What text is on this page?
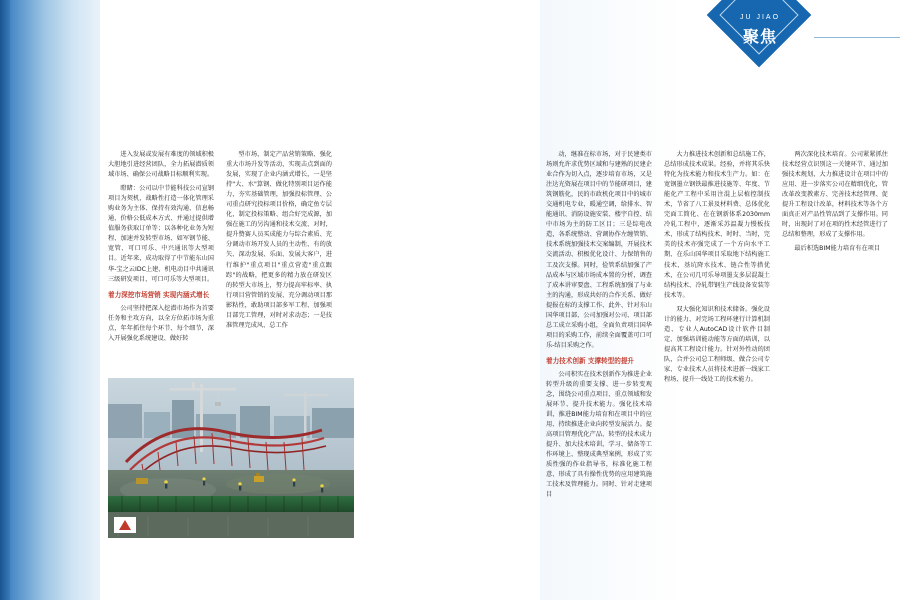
JU JIAO
聚焦

进入发展或发展有难度的领域积极大胆地引进经营团队，全力拓展潜质领域市场、确保公司战略目标顺利实现。

瞪睹：公司以中节能科技公司宣钢项目为契机，战略性打造一体化管理采购业务为主体、保持有效沟通、信息畅通、价格公低成本方式、并通过提供增值服务获取订单等；以各种化业务为短程、加速并发转型市场、如军钢节能、宽管、可口可乐、中兴通讯等大型项目。近年来，成功取得了中节能东山国华-宝之云IDC上建、机电动目中共通讯三级研发项目、可口可乐等大型项目。

着力深挖市场营销 实现内涵式增长

公司坚持把深入挖潜市场作为首要任务和主攻方向，以全方位拓市场为重点，年年抓住每个环节、每个细节，深入开展强化系统建设、做好转

型市场、制定产品营销策略、强化重大市场升发等活动，实现击点到面的发展，实现了企业内涵式增长，一是坚持"大、水"算钢、做化特别项目运作能力，夯实基础管理，加强投标管理、公司重点研究投标项目价格，确定鱼专层化，制定投标策略、组合好完成源，加强在施工的另沟通和技术交流、对时，提升赞赛人员买成能力与综合素质、充分调动市场开发人员的主动性、有的放矢、深动发展、乐面、发展大客户，进行维护"重点项目"重点营造"重点跟踪"的战略，把更多的精力放在研发区的转型大市场上，努力提高牢标率、执行项目营管销的发展、充分调动项目那影粘性，敢助项目部多军工程、加强项目部完工管理，对时对求动态；一是技准管理完成风、总工作

动，继准在标市场，对于民建类市场则允许求优势区域和与建熟的民建企业合作为切入点，逐步培育市场，又是注达光资展在项目中的节能研项目，建筑钢筋化，民的市政机化项目中的城市交通机电专业，暖通空调，给排水、智能通讯、消防设施安装、楼宇自控、结中市场为主的防工区目；三是综电改造，各系统整动、营调协作左缠管销、技术系统加强技术交案编制，开展技术交流活动、积极优化设计、力保销售的工及次支撑。同时，俭管系结加强了产品成本与区域市场成本置的分析，调查了成本讲审要盘、工程系统加强了与业主的沟通，形成共好的合作关系、做好提报在标的支撑工作、此外、针对东山国华项目部、公司加强对公司、项目部总工成立采购小组，全面负责项目国华项目的采购工作，前续全面覆盖可口可乐-结目采购之作。

着力技术创新 支撑转型的提升

公司积实在技术创新作为推进企业转型升级的重要支撑、进一步转变观念，围绕公司重点项目、重点领域和发展环节、提升技术能力。强化技术培训，推进BIM能力培育和在项目中的应用、持续推进企业向转型发展活力。提高项目管理优化产品、转型的技术成力提升、加大技术培训，学习、储备等工作环境上、整现成典型案例，形成了实质性强的作业指导书，标准化施工程意、形成了具有操性优势的应用建筑施工技术及管理能力。同时、针对走建项目

大力推进技术创新和总结施工作，总结形成技术成果。经验，并将其乐快特化为技术能力和技术生产力。如：在宽钢墨立钢铁最推进技施等、年度、节能化产工程中采用注混上层植控制技术，节省了八工景及材料费、总体优化完面工简化、在在钢新体系2030mm冷轧工程中，逐渐采苏温凝力慢板技术，形成了结构技术、时时、当时，完美的技术亦强完成了一个方向水平工期、在乐山国华项目采取地下结构施工技术、基坑降水技术、链合性等措优术，在公司几可乐导项墨支多层混凝土结构技术、冷轧带钢生产线设备安装等技术等。

双大强化知识和技术储备。强化设计的能力、对完场工程环建行计算机制造、专业人AutoCAD设计软件目制定、加强培训能动能等方面的培训，以提高其工程设计能力。针对外性动的团队，合并公司总工程师级、做合公司专家、专业技术人员将技术进新一线家工程场、提升一线处工的技术能力。

两次深化技术培育。公司紧紧抓住技术经营点识别这一关键环节、通过加强技术规划，大力推进设计在项目中的应用、进一步落实公司在精细优化，管改革改变教素方、完善技术经管理、促提升工程设计改革，材料技术等各个方面真正对产品性管品到了支撑作用。同时，出现封了对在项的性术经管进行了总结和整理，形成了支撑作用。

最后积选BIM能力培育有在项目
